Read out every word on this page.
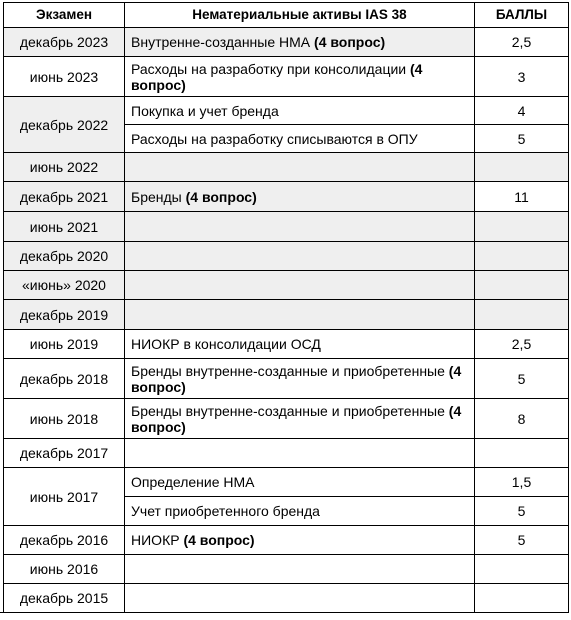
Экзамен	Нематериальные активы IAS 38	БАЛЛЫ
декабрь 2023	Внутренне-созданные НМА (4 вопрос)	2,5
июнь 2023	Расходы на разработку при консолидации (4 вопрос)	3
декабрь 2022	Покупка и учет бренда	4
	Расходы на разработку списываются в ОПУ	5
июнь 2022		
декабрь 2021	Бренды (4 вопрос)	11
июнь 2021		
декабрь 2020		
«июнь» 2020		
декабрь 2019		
июнь 2019	НИОКР в консолидации ОСД	2,5
декабрь 2018	Бренды внутренне-созданные и приобретенные (4 вопрос)	5
июнь 2018	Бренды внутренне-созданные и приобретенные (4 вопрос)	8
декабрь 2017		
июнь 2017	Определение НМА	1,5
	Учет приобретенного бренда	5
декабрь 2016	НИОКР (4 вопрос)	5
июнь 2016		
декабрь 2015		
